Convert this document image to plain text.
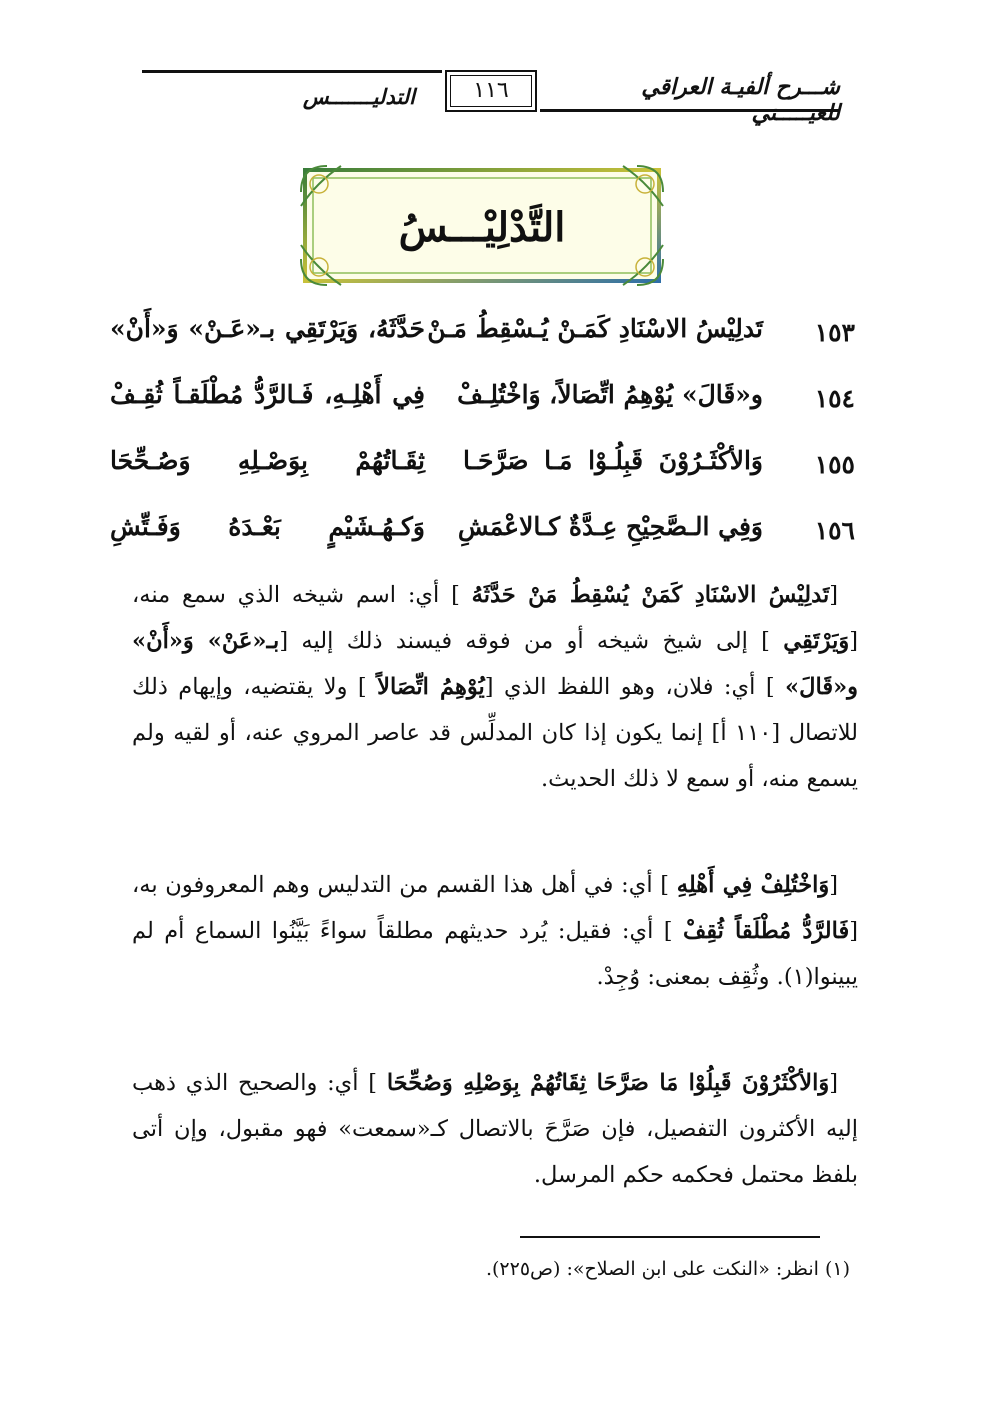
شـــرح ألفيـة العراقي للعيـــــني
١١٦
التدليـــــــس
التَّدْلِيْـــسُ
١٥٣
تَدلِيْسُ الاسْنَادِ كَمَـنْ يُـسْقِطُ مَـنْ
حَدَّثَهُ، وَيَرْتَقِي بـ«عَـنْ» وَ«أَنْ»
١٥٤
و«قَالَ» يُوْهِمُ اتِّصَالاً، وَاخْتُلِـفْ
فِي أَهْلِـهِ، فَـالرَّدُّ مُطْلَقـاً ثُقِـفْ
١٥٥
وَالأكْثَـرُوْنَ قَبِلُـوْا مَـا صَرَّحَـا
ثِقَـاتُهُمْ بِوَصْـلِهِ وَصُـحِّحَا
١٥٦
وَفِي الـصَّحِيْحِ عِـدَّةٌ كـالاعْمَشِ
وَكـهُـشَيْمٍ بَعْـدَهُ وَفَـتِّشِ

[تَدلِيْسُ الاسْنَادِ كَمَنْ يُسْقِطُ مَنْ حَدَّثَهُ ] أي: اسم شيخه الذي سمع منه، [وَيَرْتَقِي ] إلى شيخ شيخه أو من فوقه فيسند ذلك إليه [بـ«عَنْ» وَ«أَنْ» و«قَالَ» ] أي: فلان، وهو اللفظ الذي [يُوْهِمُ اتِّصَالاً ] ولا يقتضيه، وإيهام ذلك للاتصال [١١٠ أ] إنما يكون إذا كان المدلِّس قد عاصر المروي عنه، أو لقيه ولم يسمع منه، أو سمع لا ذلك الحديث.

[وَاخْتُلِفْ فِي أَهْلِهِ ] أي: في أهل هذا القسم من التدليس وهم المعروفون به، [فَالرَّدُّ مُطْلَقاً ثُقِفْ ] أي: فقيل: يُرد حديثهم مطلقاً سواءً بَيَّنُوا السماع أم لم يبينوا(١). وثُقِف بمعنى: وُجِدْ.

[وَالأكْثَرُوْنَ قَبِلُوْا مَا صَرَّحَا ثِقَاتُهُمْ بِوَصْلِهِ وَصُحِّحَا ] أي: والصحيح الذي ذهب إليه الأكثرون التفصيل، فإن صَرَّحَ بالاتصال كـ«سمعت» فهو مقبول، وإن أتى بلفظ محتمل فحكمه حكم المرسل.

(١) انظر: «النكت على ابن الصلاح»: (ص٢٢٥).
